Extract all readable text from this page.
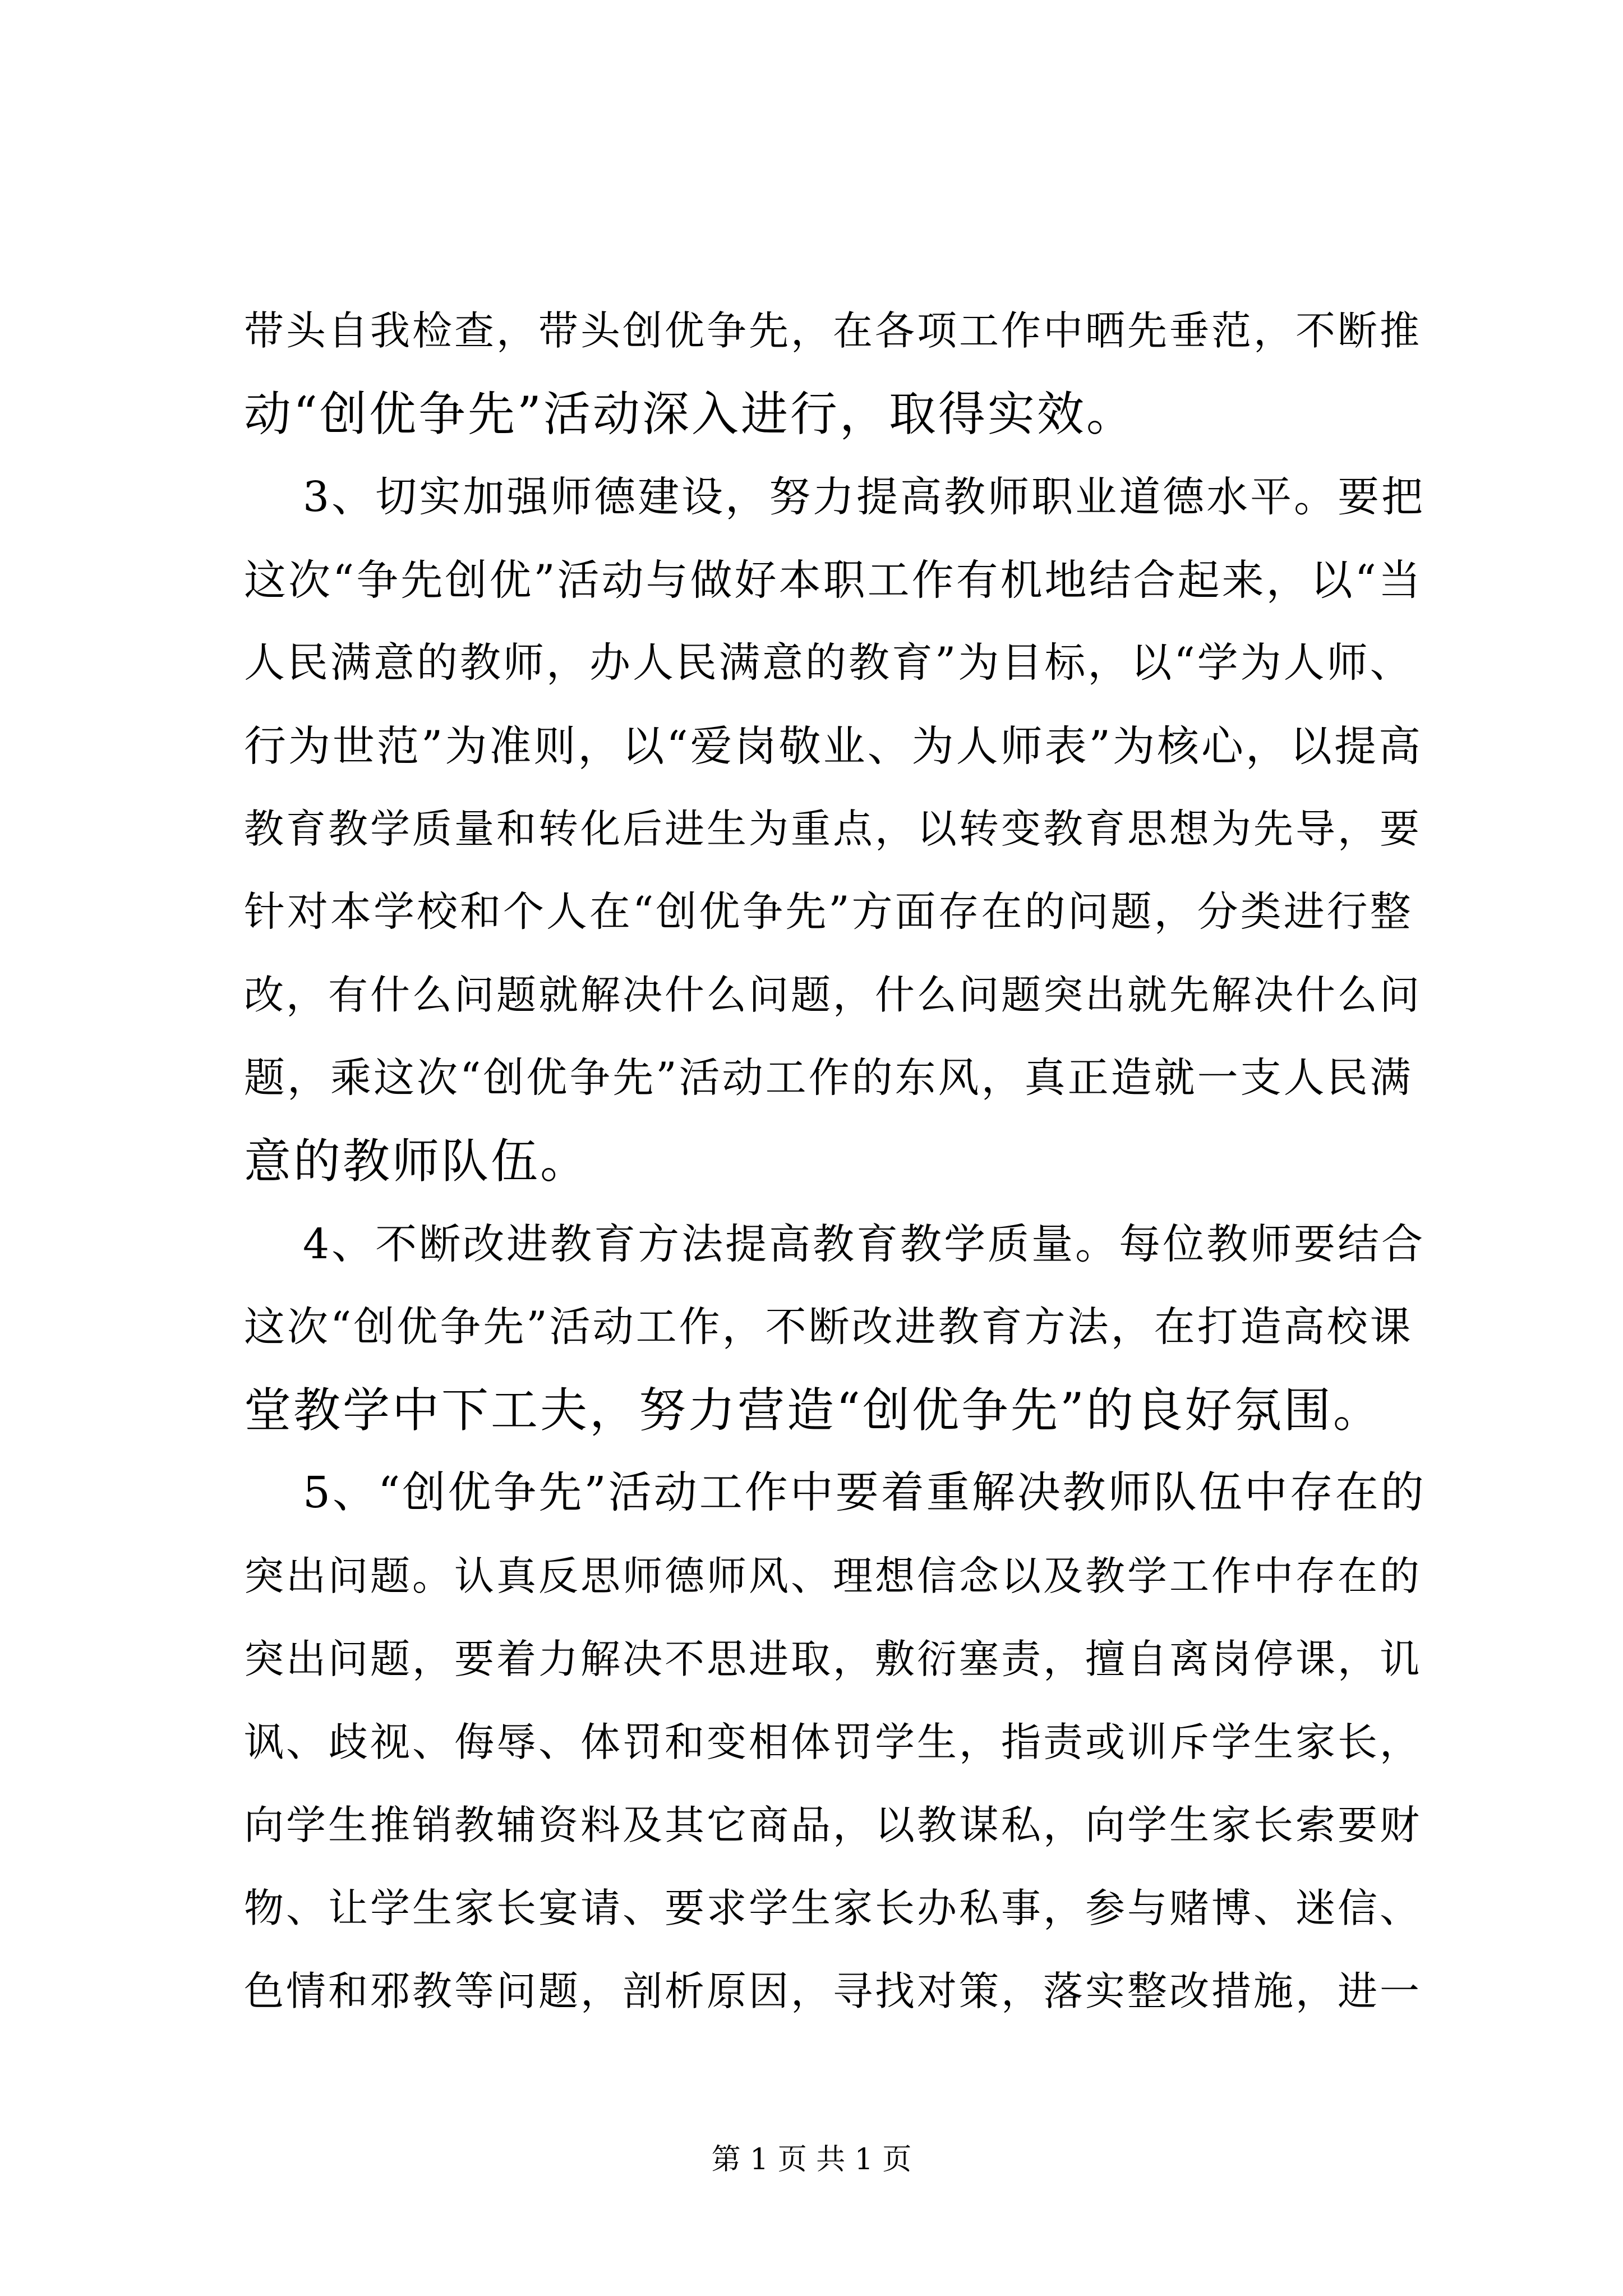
带头自我检查，带头创优争先，在各项工作中晒先垂范，不断推
动“创优争先”活动深入进行，取得实效。
3、切实加强师德建设，努力提高教师职业道德水平。要把
这次“争先创优”活动与做好本职工作有机地结合起来，以“当
人民满意的教师，办人民满意的教育”为目标，以“学为人师、
行为世范”为准则，以“爱岗敬业、为人师表”为核心，以提高
教育教学质量和转化后进生为重点，以转变教育思想为先导，要
针对本学校和个人在“创优争先”方面存在的问题，分类进行整
改，有什么问题就解决什么问题，什么问题突出就先解决什么问
题，乘这次“创优争先”活动工作的东风，真正造就一支人民满
意的教师队伍。
4、不断改进教育方法提高教育教学质量。每位教师要结合
这次“创优争先”活动工作，不断改进教育方法，在打造高校课
堂教学中下工夫，努力营造“创优争先”的良好氛围。
5、“创优争先”活动工作中要着重解决教师队伍中存在的
突出问题。认真反思师德师风、理想信念以及教学工作中存在的
突出问题，要着力解决不思进取，敷衍塞责，擅自离岗停课，讥
讽、歧视、侮辱、体罚和变相体罚学生，指责或训斥学生家长，
向学生推销教辅资料及其它商品，以教谋私，向学生家长索要财
物、让学生家长宴请、要求学生家长办私事，参与赌博、迷信、
色情和邪教等问题，剖析原因，寻找对策，落实整改措施，进一
第 1 页 共 1 页
